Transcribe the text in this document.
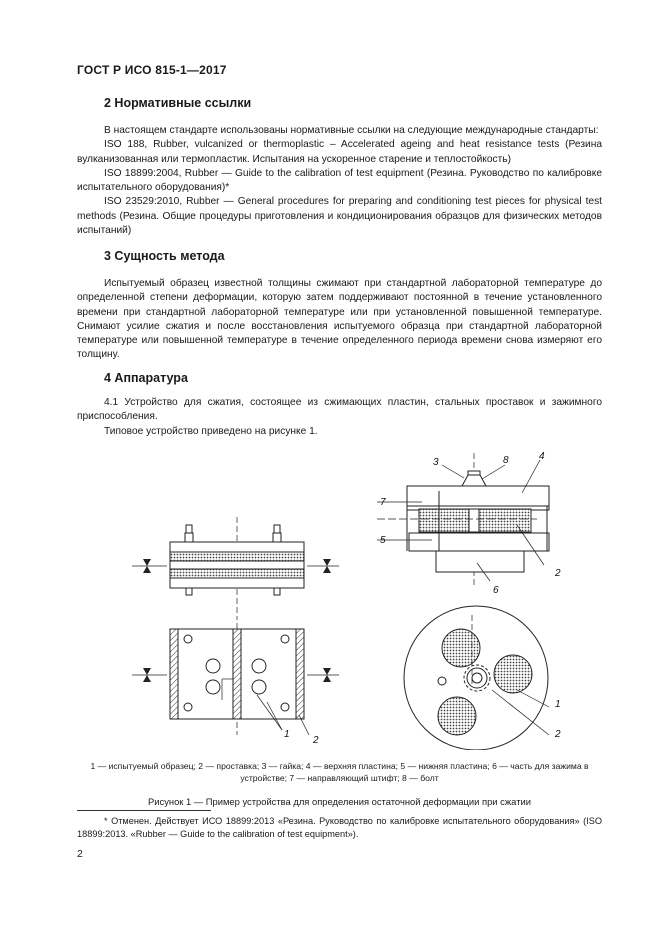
ГОСТ Р ИСО 815-1—2017
2 Нормативные ссылки
В настоящем стандарте использованы нормативные ссылки на следующие международные стандарты:
ISO 188, Rubber, vulcanized or thermoplastic – Accelerated ageing and heat resistance tests (Резина вулканизованная или термопластик. Испытания на ускоренное старение и теплостойкость)
ISO 18899:2004, Rubber — Guide to the calibration of test equipment (Резина. Руководство по калибровке испытательного оборудования)*
ISO 23529:2010, Rubber — General procedures for preparing and conditioning test pieces for physical test methods (Резина. Общие процедуры приготовления и кондиционирования образцов для физических методов испытаний)
3 Сущность метода
Испытуемый образец известной толщины сжимают при стандартной лабораторной температуре до определенной степени деформации, которую затем поддерживают постоянной в течение установленного времени при стандартной лабораторной температуре или при установленной повышенной температуре. Снимают усилие сжатия и после восстановления испытуемого образца при стандартной лабораторной температуре или повышенной температуре в течение определенного периода времени снова измеряют его толщину.
4 Аппаратура
4.1 Устройство для сжатия, состоящее из сжимающих пластин, стальных проставок и зажимного приспособления.
Типовое устройство приведено на рисунке 1.
3	8	4
7
5
2
6
1
2
1
2
1 — испытуемый образец; 2 — проставка; 3 — гайка; 4 — верхняя пластина; 5 — нижняя пластина; 6 — часть для зажима в устройстве; 7 — направляющий штифт; 8 — болт
Рисунок 1 — Пример устройства для определения остаточной деформации при сжатии
* Отменен. Действует ИСО 18899:2013 «Резина. Руководство по калибровке испытательного оборудования» (ISO 18899:2013. «Rubber — Guide to the calibration of test equipment»).
2
